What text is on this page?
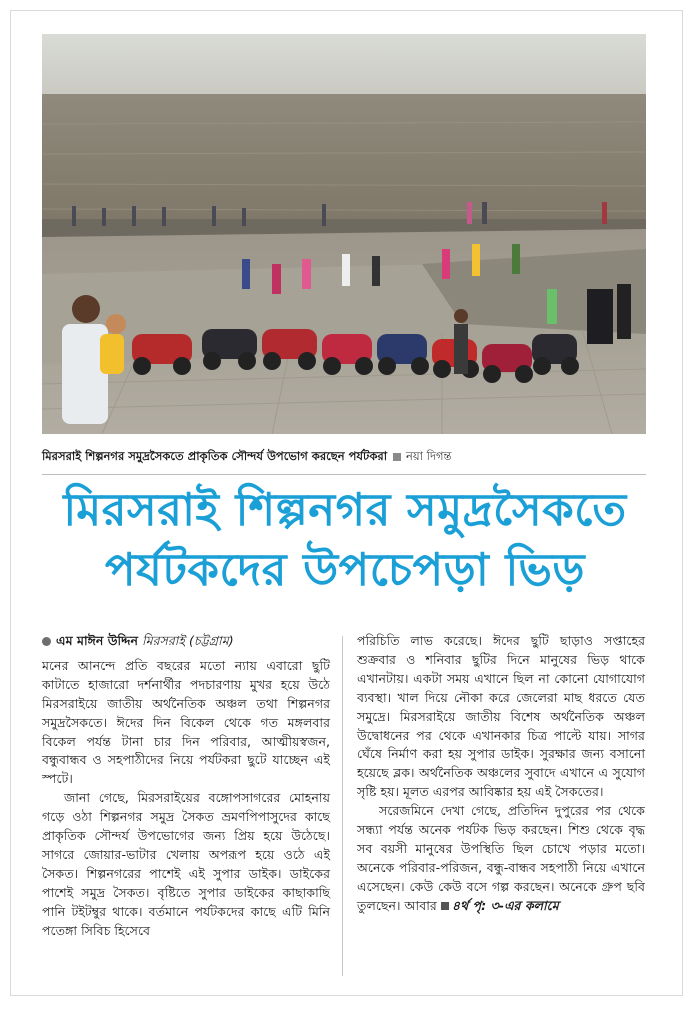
মিরসরাই শিল্পনগর সমুদ্রসৈকতে প্রাকৃতিক সৌন্দর্য উপভোগ করছেন পর্যটকরা নয়া দিগন্ত
মিরসরাই শিল্পনগর সমুদ্রসৈকতে
পর্যটকদের উপচেপড়া ভিড়
এম মাঈন উদ্দিন মিরসরাই (চট্টগ্রাম)

মনের আনন্দে প্রতি বছরের মতো ন্যায় এবারো ছুটি কাটাতে হাজারো দর্শনার্থীর পদচারণায় মুখর হয়ে উঠে মিরসরাইয়ে জাতীয় অর্থনৈতিক অঞ্চল তথা শিল্পনগর সমুদ্রসৈকতে। ঈদের দিন বিকেল থেকে গত মঙ্গলবার বিকেল পর্যন্ত টানা চার দিন পরিবার, আত্মীয়স্বজন, বন্ধুবান্ধব ও সহপাঠীদের নিয়ে পর্যটকরা ছুটে যাচ্ছেন এই স্পটে।

জানা গেছে, মিরসরাইয়ের বঙ্গোপসাগরের মোহনায় গড়ে ওঠা শিল্পনগর সমুদ্র সৈকত ভ্রমণপিপাসুদের কাছে প্রাকৃতিক সৌন্দর্য উপভোগের জন্য প্রিয় হয়ে উঠেছে। সাগরে জোয়ার-ভাটার খেলায় অপরূপ হয়ে ওঠে এই সৈকত। শিল্পনগরের পাশেই এই সুপার ডাইক। ডাইকের পাশেই সমুদ্র সৈকত। বৃষ্টিতে সুপার ডাইকের কাছাকাছি পানি টইটম্বুর থাকে। বর্তমানে পর্যটকদের কাছে এটি মিনি পতেঙ্গা সিবিচ হিসেবে

পরিচিতি লাভ করেছে। ঈদের ছুটি ছাড়াও সপ্তাহের শুক্রবার ও শনিবার ছুটির দিনে মানুষের ভিড় থাকে এখানটায়। একটা সময় এখানে ছিল না কোনো যোগাযোগ ব্যবস্থা। খাল দিয়ে নৌকা করে জেলেরা মাছ ধরতে যেত সমুদ্রে। মিরসরাইয়ে জাতীয় বিশেষ অর্থনৈতিক অঞ্চল উদ্বোধনের পর থেকে এখানকার চিত্র পাল্টে যায়। সাগর ঘেঁষে নির্মাণ করা হয় সুপার ডাইক। সুরক্ষার জন্য বসানো হয়েছে ব্লক। অর্থনৈতিক অঞ্চলের সুবাদে এখানে এ সুযোগ সৃষ্টি হয়। মূলত এরপর আবিষ্কার হয় এই সৈকতের।

সরেজমিনে দেখা গেছে, প্রতিদিন দুপুরের পর থেকে সন্ধ্যা পর্যন্ত অনেক পর্যটক ভিড় করছেন। শিশু থেকে বৃদ্ধ সব বয়সী মানুষের উপস্থিতি ছিল চোখে পড়ার মতো। অনেকে পরিবার-পরিজন, বন্ধু-বান্ধব সহপাঠী নিয়ে এখানে এসেছেন। কেউ কেউ বসে গল্প করছেন। অনেকে গ্রুপ ছবি তুলছেন। আবার ৪র্থ পৃ: ৩-এর কলামে
